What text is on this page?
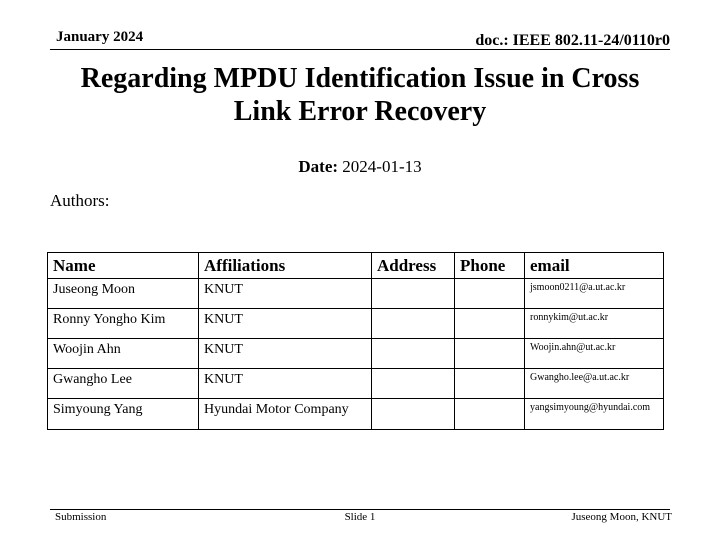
January 2024	doc.: IEEE 802.11-24/0110r0
Regarding MPDU Identification Issue in Cross Link Error Recovery
Date: 2024-01-13
Authors:
Name	Affiliations	Address	Phone	email
Juseong Moon	KNUT			jsmoon0211@a.ut.ac.kr
Ronny Yongho Kim	KNUT			ronnykim@ut.ac.kr
Woojin Ahn	KNUT			Woojin.ahn@ut.ac.kr
Gwangho Lee	KNUT			Gwangho.lee@a.ut.ac.kr
Simyoung Yang	Hyundai Motor Company			yangsimyoung@hyundai.com
Submission	Slide 1	Juseong Moon, KNUT
